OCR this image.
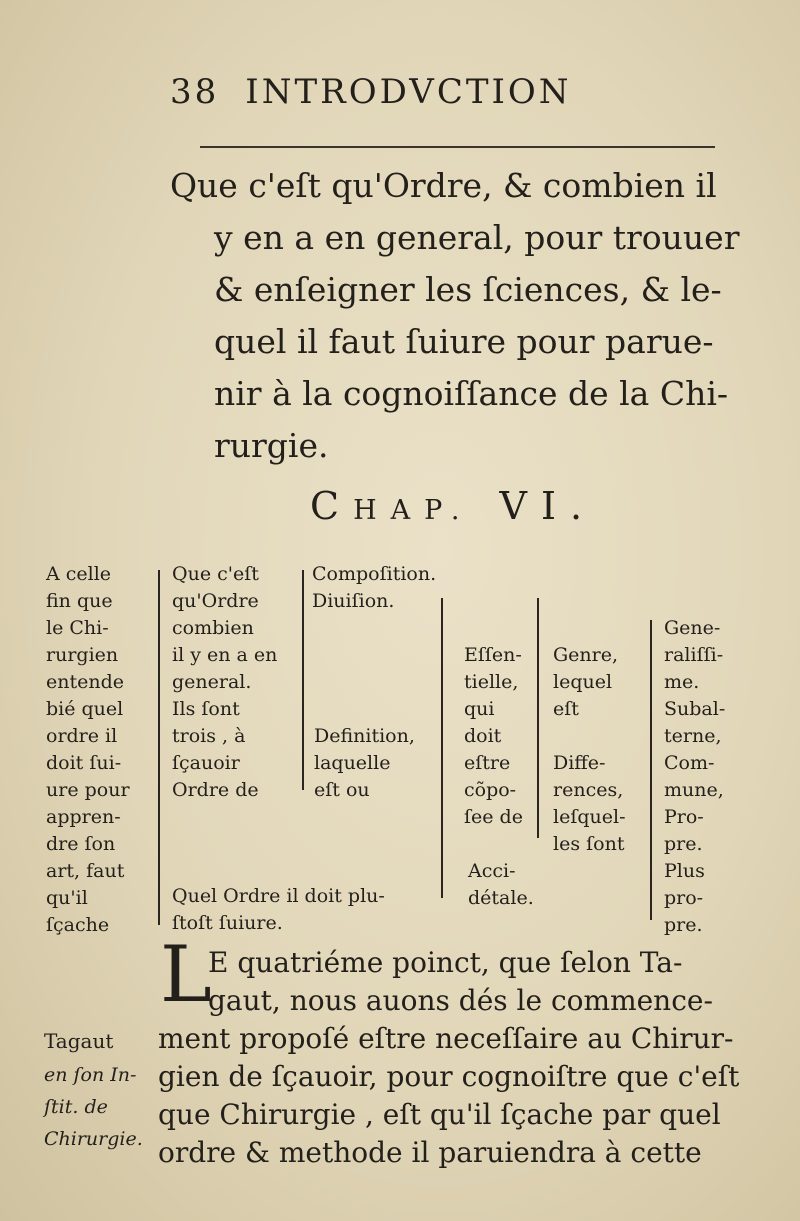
38 INTRODVCTION
Que c'eſt qu'Ordre, & combien il
y en a en general, pour trouuer
& enſeigner les ſciences, & le-
quel il faut ſuiure pour parue-
nir à la cognoiſſance de la Chi-
rurgie.
CHAP. VI.
A celle
fin que
le Chi-
rurgien
entende
bié quel
ordre il
doit ſui-
ure pour
appren-
dre ſon
art, faut
qu'il
ſçache
Que c'eſt
qu'Ordre
combien
il y en a en
general.
Ils ſont
trois , à
ſçauoir
Ordre de
Quel Ordre il doit plu-
ſtoſt ſuiure.
Compoſition.
Diuiſion.
Definition,
laquelle
eſt ou
Eſſen-
tielle,
qui
doit
eſtre
cõpo-
ſee de
Acci-
détale.
Genre,
lequel
eſt
Diffe-
rences,
leſquel-
les ſont
Gene-
raliſſi-
me.
Subal-
terne,
Com-
mune,
Pro-
pre.
Plus
pro-
pre.
L
E quatriéme poinct, que ſelon Ta-
gaut, nous auons dés le commence-
ment propoſé eſtre neceſſaire au Chirur-
gien de ſçauoir, pour cognoiſtre que c'eſt
que Chirurgie , eſt qu'il ſçache par quel
ordre & methode il paruiendra à cette
Tagaut
en ſon In-
ſtit. de
Chirurgie.
